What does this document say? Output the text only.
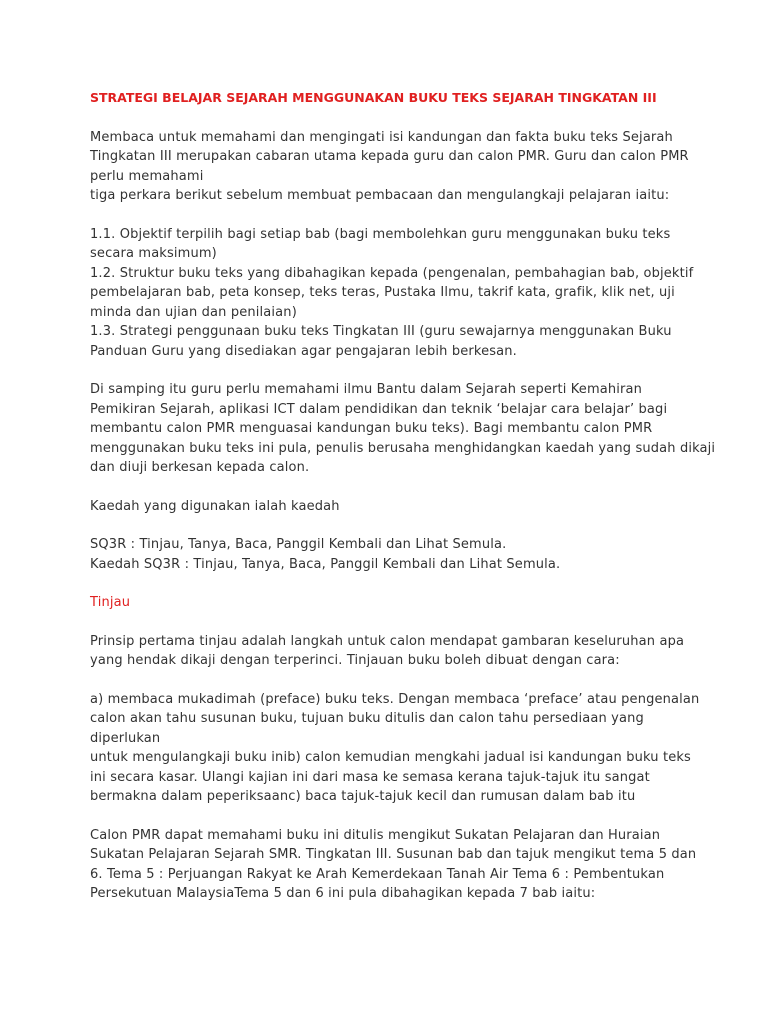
STRATEGI BELAJAR SEJARAH MENGGUNAKAN BUKU TEKS SEJARAH TINGKATAN III
Membaca untuk memahami dan mengingati isi kandungan dan fakta buku teks Sejarah
Tingkatan III merupakan cabaran utama kepada guru dan calon PMR. Guru dan calon PMR
perlu memahami
tiga perkara berikut sebelum membuat pembacaan dan mengulangkaji pelajaran iaitu:
1.1. Objektif terpilih bagi setiap bab (bagi membolehkan guru menggunakan buku teks
secara maksimum)
1.2. Struktur buku teks yang dibahagikan kepada (pengenalan, pembahagian bab, objektif
pembelajaran bab, peta konsep, teks teras, Pustaka Ilmu, takrif kata, grafik, klik net, uji
minda dan ujian dan penilaian)
1.3. Strategi penggunaan buku teks Tingkatan III (guru sewajarnya menggunakan Buku
Panduan Guru yang disediakan agar pengajaran lebih berkesan.
Di samping itu guru perlu memahami ilmu Bantu dalam Sejarah seperti Kemahiran
Pemikiran Sejarah, aplikasi ICT dalam pendidikan dan teknik ‘belajar cara belajar’ bagi
membantu calon PMR menguasai kandungan buku teks). Bagi membantu calon PMR
menggunakan buku teks ini pula, penulis berusaha menghidangkan kaedah yang sudah dikaji
dan diuji berkesan kepada calon.
Kaedah yang digunakan ialah kaedah
SQ3R : Tinjau, Tanya, Baca, Panggil Kembali dan Lihat Semula.
Kaedah SQ3R : Tinjau, Tanya, Baca, Panggil Kembali dan Lihat Semula.
Tinjau
Prinsip pertama tinjau adalah langkah untuk calon mendapat gambaran keseluruhan apa
yang hendak dikaji dengan terperinci. Tinjauan buku boleh dibuat dengan cara:
a) membaca mukadimah (preface) buku teks. Dengan membaca ‘preface’ atau pengenalan
calon akan tahu susunan buku, tujuan buku ditulis dan calon tahu persediaan yang
diperlukan
untuk mengulangkaji buku inib) calon kemudian mengkahi jadual isi kandungan buku teks
ini secara kasar. Ulangi kajian ini dari masa ke semasa kerana tajuk-tajuk itu sangat
bermakna dalam peperiksaanc) baca tajuk-tajuk kecil dan rumusan dalam bab itu
Calon PMR dapat memahami buku ini ditulis mengikut Sukatan Pelajaran dan Huraian
Sukatan Pelajaran Sejarah SMR. Tingkatan III. Susunan bab dan tajuk mengikut tema 5 dan
6. Tema 5 : Perjuangan Rakyat ke Arah Kemerdekaan Tanah Air Tema 6 : Pembentukan
Persekutuan MalaysiaTema 5 dan 6 ini pula dibahagikan kepada 7 bab iaitu:
